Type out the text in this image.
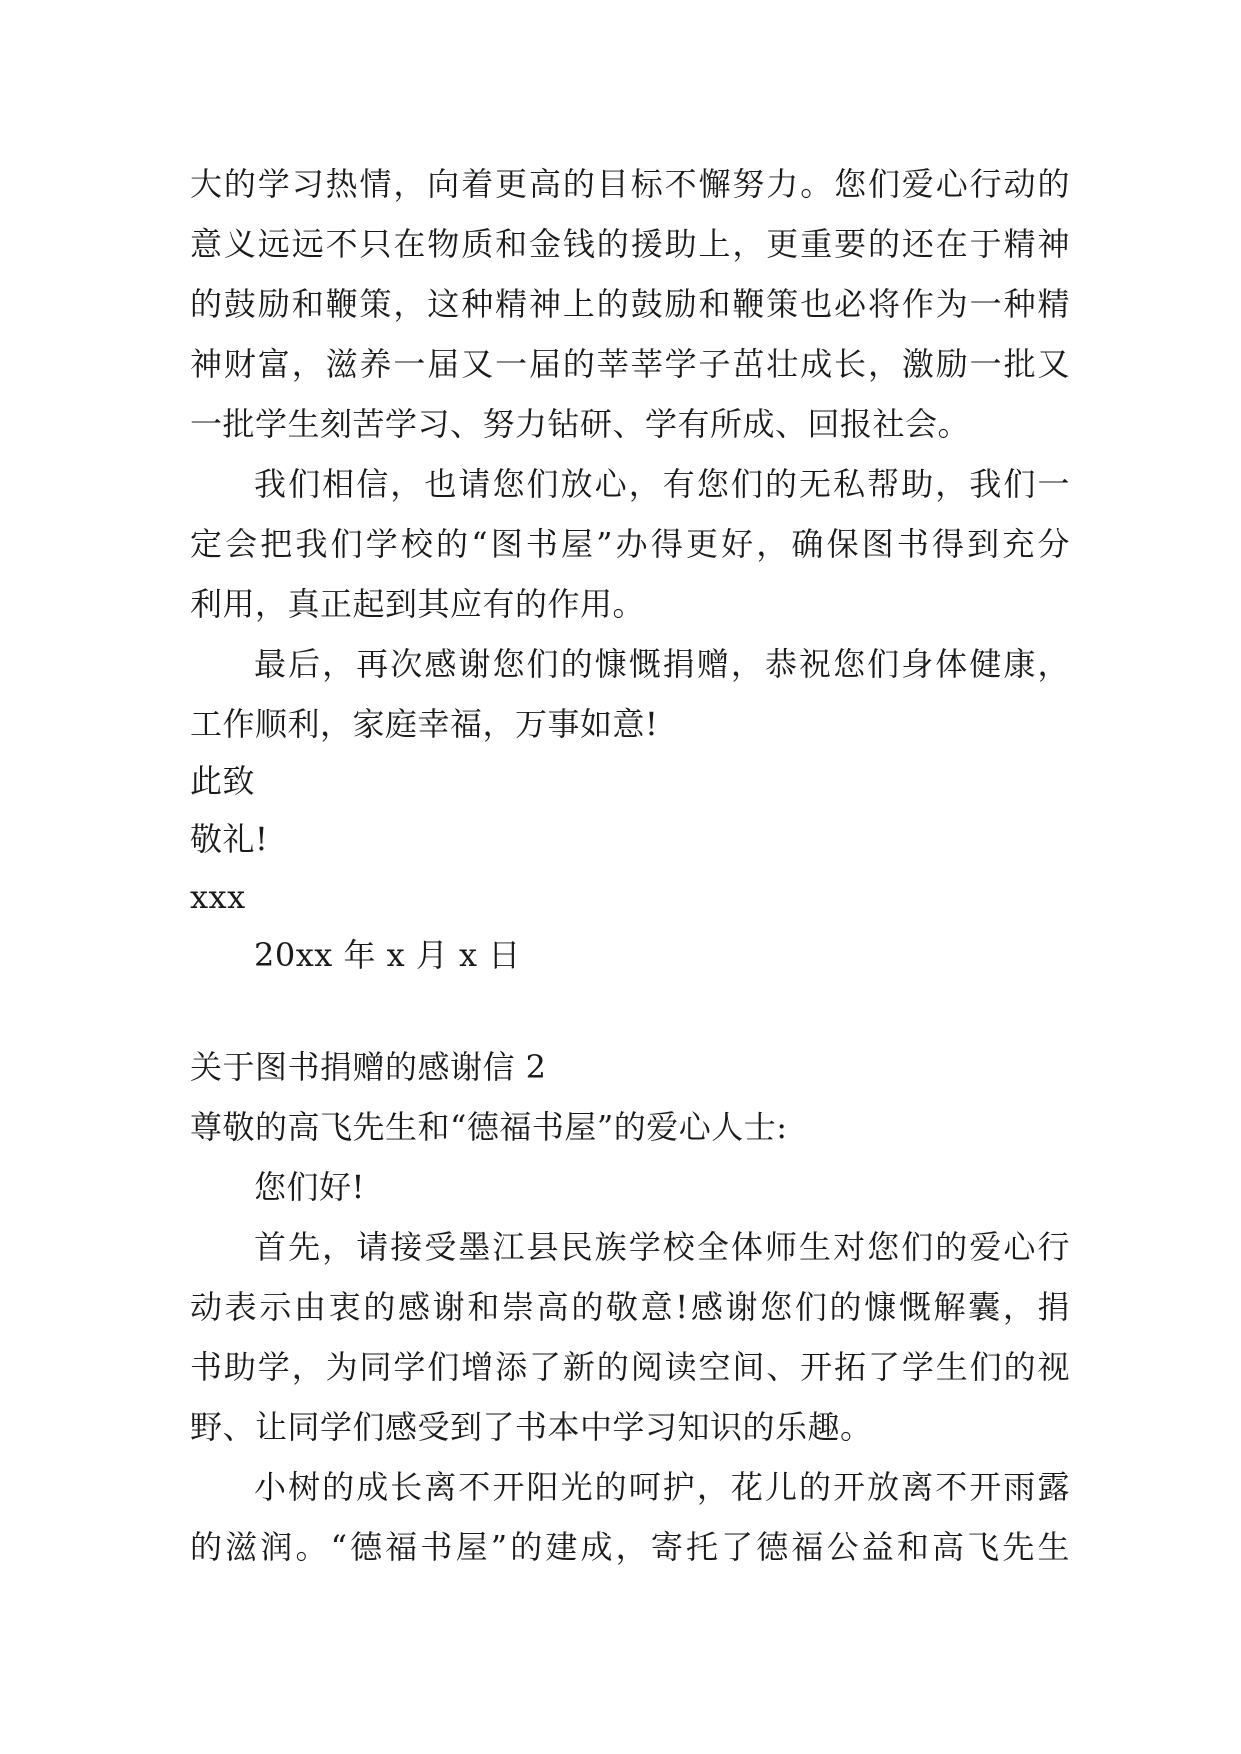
大的学习热情，向着更高的目标不懈努力。您们爱心行动的
意义远远不只在物质和金钱的援助上，更重要的还在于精神
的鼓励和鞭策，这种精神上的鼓励和鞭策也必将作为一种精
神财富，滋养一届又一届的莘莘学子茁壮成长，激励一批又
一批学生刻苦学习、努力钻研、学有所成、回报社会。
我们相信，也请您们放心，有您们的无私帮助，我们一
定会把我们学校的“图书屋”办得更好，确保图书得到充分
利用，真正起到其应有的作用。
最后，再次感谢您们的慷慨捐赠，恭祝您们身体健康，
工作顺利，家庭幸福，万事如意!
此致
敬礼!
xxx
20xx 年 x 月 x 日
关于图书捐赠的感谢信 2
尊敬的高飞先生和“德福书屋”的爱心人士:
您们好!
首先，请接受墨江县民族学校全体师生对您们的爱心行
动表示由衷的感谢和崇高的敬意!感谢您们的慷慨解囊，捐
书助学，为同学们增添了新的阅读空间、开拓了学生们的视
野、让同学们感受到了书本中学习知识的乐趣。
小树的成长离不开阳光的呵护，花儿的开放离不开雨露
的滋润。“德福书屋”的建成，寄托了德福公益和高飞先生
